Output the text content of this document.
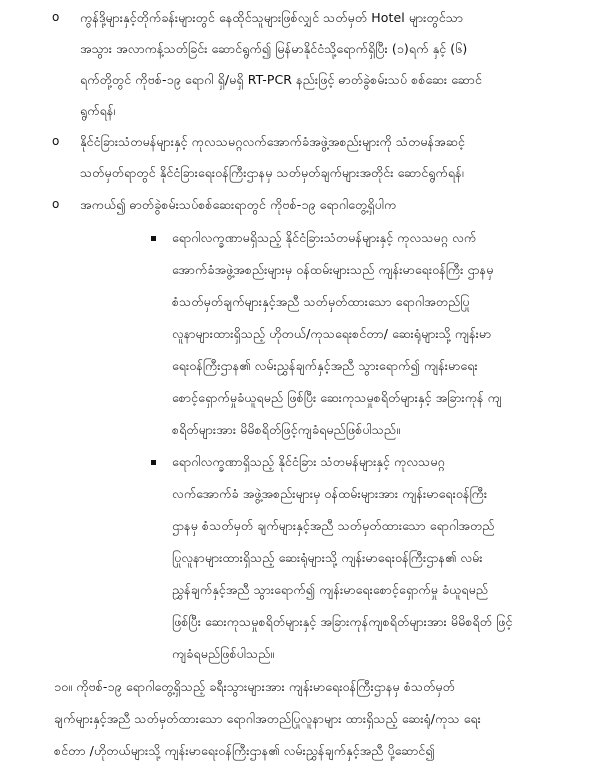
o ကွန်ဒို့များနှင့်တိုက်ခန်းများတွင် နေထိုင်သူများဖြစ်လျှင် သတ်မှတ် Hotel များတွင်သာ
အသွား အလာကန့်သတ်ခြင်း ဆောင်ရွက်၍ မြန်မာနိုင်ငံသို့ရောက်ရှိပြီး (၁)ရက် နှင့် (၆)
ရက်တို့တွင် ကိုဗစ်-၁၉ ရောဂါ ရှိ/မရှိ RT-PCR နည်းဖြင့် ဓာတ်ခွဲစမ်းသပ် စစ်ဆေး ဆောင်
ရွက်ရန်၊
o နိုင်ငံခြားသံတမန်များနှင့် ကုလသမဂ္ဂလက်အောက်ခံအဖွဲ့အစည်းများကို သံတမန်အဆင့်
သတ်မှတ်ရာတွင် နိုင်ငံခြားရေးဝန်ကြီးဌာနမှ သတ်မှတ်ချက်များအတိုင်း ဆောင်ရွက်ရန်၊
o အကယ်၍ ဓာတ်ခွဲစမ်းသပ်စစ်ဆေးရာတွင် ကိုဗစ်-၁၉ ရောဂါတွေ့ရှိပါက
ရောဂါလက္ခဏာမရှိသည့် နိုင်ငံခြားသံတမန်များနှင့် ကုလသမဂ္ဂ လက်
အောက်ခံအဖွဲ့အစည်းများမှ ဝန်ထမ်းများသည် ကျန်းမာရေးဝန်ကြီး ဌာနမှ
စံသတ်မှတ်ချက်များနှင့်အညီ သတ်မှတ်ထားသော ရောဂါအတည်ပြု
လူနာများထားရှိသည့် ဟိုတယ်/ကုသရေးစင်တာ/ ဆေးရုံများသို့ ကျန်းမာ
ရေးဝန်ကြီးဌာန၏ လမ်းညွှန်ချက်နှင့်အညီ သွားရောက်၍ ကျန်းမာရေး
စောင့်ရှောက်မှုခံယူရမည် ဖြစ်ပြီး ဆေးကုသမှုစရိတ်များနှင့် အခြားကုန် ကျ
စရိတ်များအား မိမိစရိတ်ဖြင့်ကျခံရမည်ဖြစ်ပါသည်။
ရောဂါလက္ခဏာရှိသည့် နိုင်ငံခြား သံတမန်များနှင့် ကုလသမဂ္ဂ
လက်အောက်ခံ အဖွဲ့အစည်းများမှ ဝန်ထမ်းများအား ကျန်းမာရေးဝန်ကြီး
ဌာနမှ စံသတ်မှတ် ချက်များနှင့်အညီ သတ်မှတ်ထားသော ရောဂါအတည်
ပြုလူနာများထားရှိသည့် ဆေးရုံများသို့ ကျန်းမာရေးဝန်ကြီးဌာန၏ လမ်း
ညွှန်ချက်နှင့်အညီ သွားရောက်၍ ကျန်းမာရေးစောင့်ရှောက်မှု ခံယူရမည်
ဖြစ်ပြီး ဆေးကုသမှုစရိတ်များနှင့် အခြားကုန်ကျစရိတ်များအား မိမိစရိတ် ဖြင့်
ကျခံရမည်ဖြစ်ပါသည်။
၁၀။ ကိုဗစ်-၁၉ ရောဂါတွေ့ရှိသည့် ခရီးသွားများအား ကျန်းမာရေးဝန်ကြီးဌာနမှ စံသတ်မှတ်
ချက်များနှင့်အညီ သတ်မှတ်ထားသော ရောဂါအတည်ပြုလူနာများ ထားရှိသည့် ဆေးရုံ/ကုသ ရေး
စင်တာ /ဟိုတယ်များသို့ ကျန်းမာရေးဝန်ကြီးဌာန၏ လမ်းညွှန်ချက်နှင့်အညီ ပို့ဆောင်၍
